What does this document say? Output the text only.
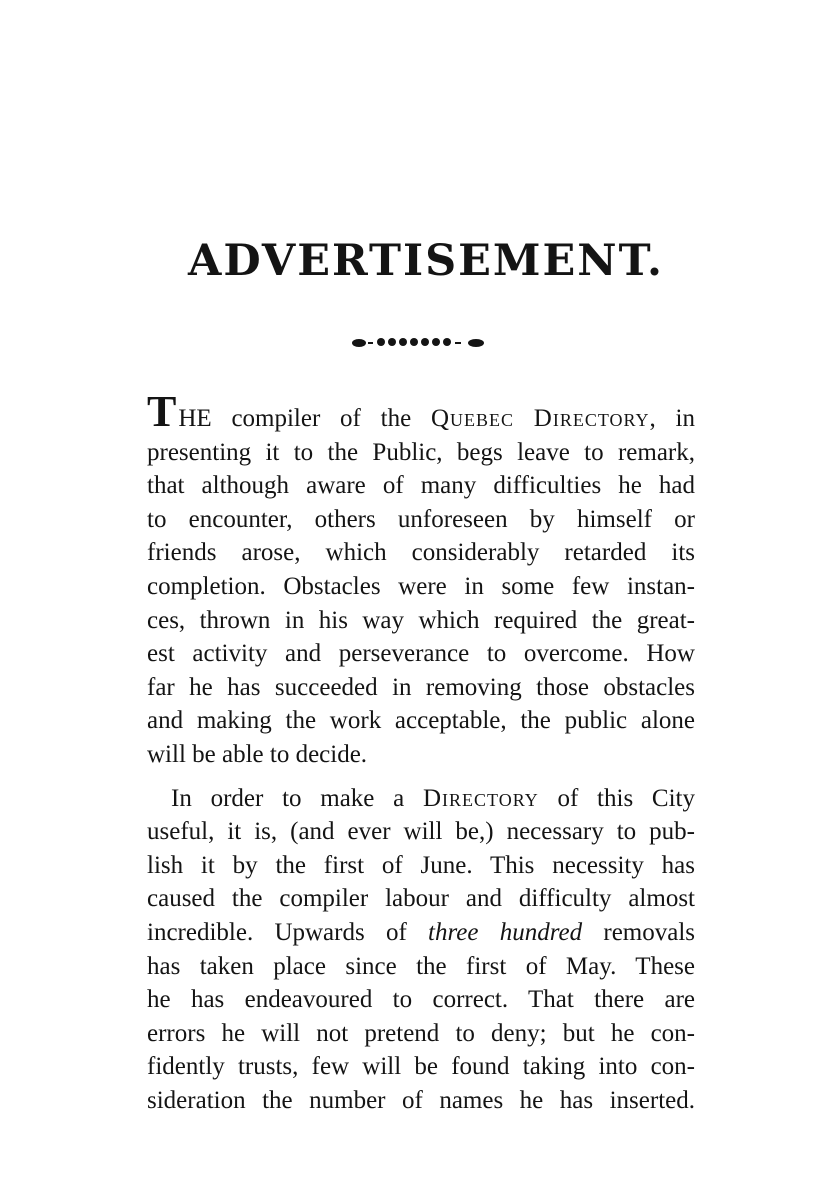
ADVERTISEMENT.
THE compiler of the Quebec Directory, in
presenting it to the Public, begs leave to remark,
that although aware of many difficulties he had
to encounter, others unforeseen by himself or
friends arose, which considerably retarded its
completion. Obstacles were in some few instan-
ces, thrown in his way which required the great-
est activity and perseverance to overcome. How
far he has succeeded in removing those obstacles
and making the work acceptable, the public alone
will be able to decide.
In order to make a Directory of this City
useful, it is, (and ever will be,) necessary to pub-
lish it by the first of June. This necessity has
caused the compiler labour and difficulty almost
incredible. Upwards of three hundred removals
has taken place since the first of May. These
he has endeavoured to correct. That there are
errors he will not pretend to deny; but he con-
fidently trusts, few will be found taking into con-
sideration the number of names he has inserted.
